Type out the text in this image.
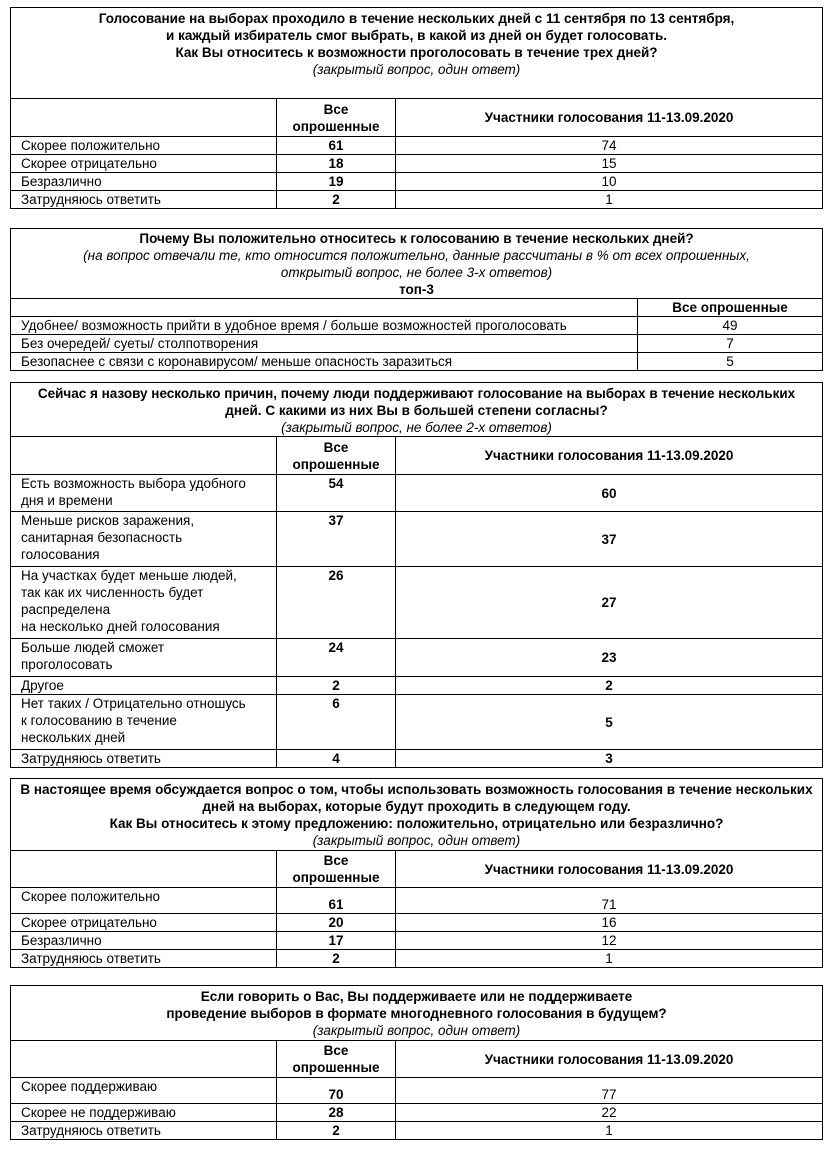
Голосование на выборах проходило в течение нескольких дней с 11 сентября по 13 сентября,
и каждый избиратель смог выбрать, в какой из дней он будет голосовать.
Как Вы относитесь к возможности проголосовать в течение трех дней?
(закрытый вопрос, один ответ)		

	Все
опрошенные	Участники голосования 11-13.09.2020
Скорее положительно	61	74
Скорее отрицательно	18	15
Безразлично	19	10
Затрудняюсь ответить	2	1
Почему Вы положительно относитесь к голосованию в течение нескольких дней?
(на вопрос отвечали те, кто относится положительно, данные рассчитаны в % от всех опрошенных,
открытый вопрос, не более 3-х ответов)
топ-3	

	Все опрошенные
Удобнее/ возможность прийти в удобное время / больше возможностей проголосовать	49
Без очередей/ суеты/ столпотворения	7
Безопаснее с связи с коронавирусом/ меньше опасность заразиться	5
Сейчас я назову несколько причин, почему люди поддерживают голосование на выборах в течение нескольких
дней. С какими из них Вы в большей степени согласны?
(закрытый вопрос, не более 2-х ответов)		

	Все
опрошенные	Участники голосования 11-13.09.2020

Есть возможность выбора удобного
дня и времени	54	60

Меньше рисков заражения,
санитарная безопасность
голосования	37	37

На участках будет меньше людей,
так как их численность будет
распределена
на несколько дней голосования	26	27

Больше людей сможет
проголосовать	24	23
Другое	2	2

Нет таких / Отрицательно отношусь
к голосованию в течение
нескольких дней	6	5
Затрудняюсь ответить	4	3
В настоящее время обсуждается вопрос о том, чтобы использовать возможность голосования в течение нескольких
дней на выборах, которые будут проходить в следующем году.
Как Вы относитесь к этому предложению: положительно, отрицательно или безразлично?
(закрытый вопрос, один ответ)		

	Все
опрошенные	Участники голосования 11-13.09.2020
Скорее положительно	61	71
Скорее отрицательно	20	16
Безразлично	17	12
Затрудняюсь ответить	2	1
Если говорить о Вас, Вы поддерживаете или не поддерживаете
проведение выборов в формате многодневного голосования в будущем?
(закрытый вопрос, один ответ)		

	Все
опрошенные	Участники голосования 11-13.09.2020
Скорее поддерживаю	70	77
Скорее не поддерживаю	28	22
Затрудняюсь ответить	2	1
